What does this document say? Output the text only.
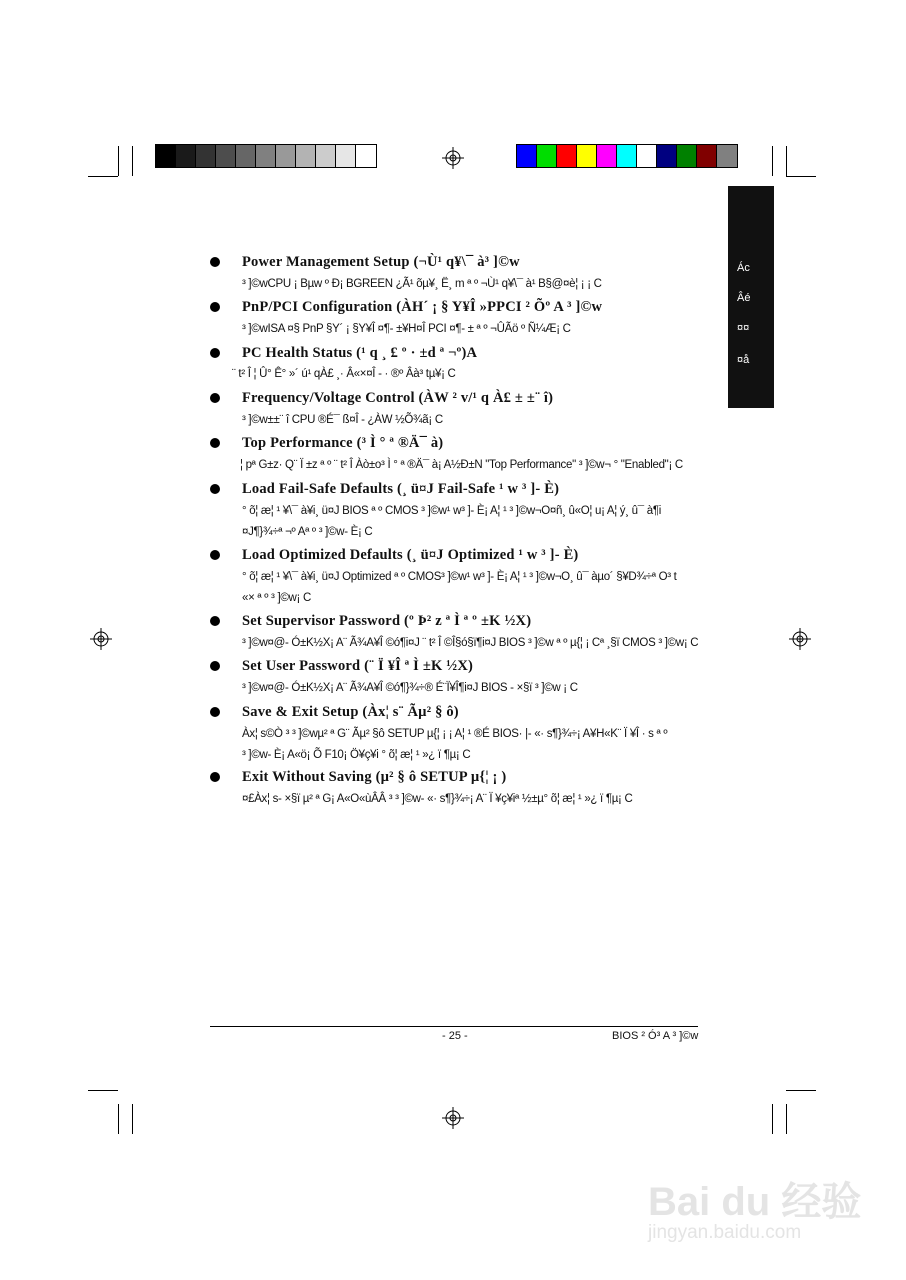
Ác
Âé
¤¤
¤å
Power Management Setup (¬Ù¹ q¥\¯ à³ ]©w
³ ]©wCPU ¡ Bµw º Ð¡ BGREEN ¿Ã¹ õµ¥¸ Ë¸ m ª º ¬Ù¹ q¥\¯ à¹ B§@¤è¦ ¡ ¡ C
PnP/PCI Configuration (ÀH´ ¡ § Y¥Î »PPCI ² Õº A ³ ]©w
³ ]©wISA ¤§ PnP §Y´ ¡ §Y¥Î ¤¶- ±¥H¤Î PCI ¤¶- ± ª º ¬ÛÃö º Ñ¼Æ¡ C
PC Health Status (¹ q ¸ £ º · ±d ª ¬º)A
¨ t² Î ¦ Û° Ê° »´ ú¹ qÀ£ ¸· Â«×¤Î - · ®º Âà³ tµ¥¡ C
Frequency/Voltage Control (ÀW ² v/¹ q À£ ± ±¨ î)
³ ]©w±±¨ î CPU ®É¯ ß¤Î - ¿ÀW ½Õ¾ã¡ C
Top Performance (³ Ì ° ª ®Ä¯ à)
¦ pª G±z· Q¨ Ï ±z ª º ¨ t² Î Àò±o³ Ì ° ª ®Ä¯ à¡ A½Ð±N "Top Performance" ³ ]©w¬ ° "Enabled"¡ C
Load Fail-Safe Defaults (¸ ü¤J Fail-Safe ¹ w ³ ]- È)
° õ¦ æ¦ ¹ ¥\¯ à¥i¸ ü¤J BIOS ª º CMOS ³ ]©w¹ w³ ]- È¡ A¦ ¹ ³ ]©w¬O¤ñ¸ û«O¦ u¡ A¦ ý¸ û¯ à¶i
¤J¶}¾÷ª ¬º Aª º ³ ]©w- È¡ C
Load Optimized Defaults (¸ ü¤J Optimized ¹ w ³ ]- È)
° õ¦ æ¦ ¹ ¥\¯ à¥i¸ ü¤J Optimized ª º CMOS³ ]©w¹ w³ ]- È¡ A¦ ¹ ³ ]©w¬O¸ û¯ àµo´ §¥D¾÷ª O³ t
«× ª º ³ ]©w¡ C
Set Supervisor Password (º Þ² z ª Ì ª º ±K ½X)
³ ]©w¤@- Ó±K½X¡ A¨ Ã¾A¥Î ©ó¶i¤J ¨ t² Î ©Î§ó§ï¶i¤J BIOS ³ ]©w ª º µ{¦ ¡ Cª ¸§ï CMOS ³ ]©w¡ C
Set User Password (¨ Ï ¥Î ª Ì ±K ½X)
³ ]©w¤@- Ó±K½X¡ A¨ Ã¾A¥Î ©ó¶}¾÷® É¨Ï¥Î¶i¤J BIOS - ×§ï ³ ]©w ¡ C
Save & Exit Setup (Àx¦ s¨ Ãµ² § ô)
Àx¦ s©Ò ³ ³ ]©wµ² ª G¨ Ãµ² §ô SETUP µ{¦ ¡ ¡ A¦ ¹ ®É BIOS· |- «· s¶}¾÷¡ A¥H«K¨ Ï ¥Î · s ª º
³ ]©w- È¡ A«ö¡ Õ F10¡ Ö¥ç¥i ° õ¦ æ¦ ¹ »¿ ï ¶µ¡ C
Exit Without Saving (µ² § ô SETUP µ{¦ ¡ )
¤£Àx¦ s- ×§ï µ² ª G¡ A«O«ùÂÂ ³ ³ ]©w- «· s¶}¾÷¡ A¨ Ï ¥ç¥iª ½±µ° õ¦ æ¦ ¹ »¿ ï ¶µ¡ C
- 25 -	BIOS ² Ó³ A ³ ]©w
Bai du 经验
jingyan.baidu.com
